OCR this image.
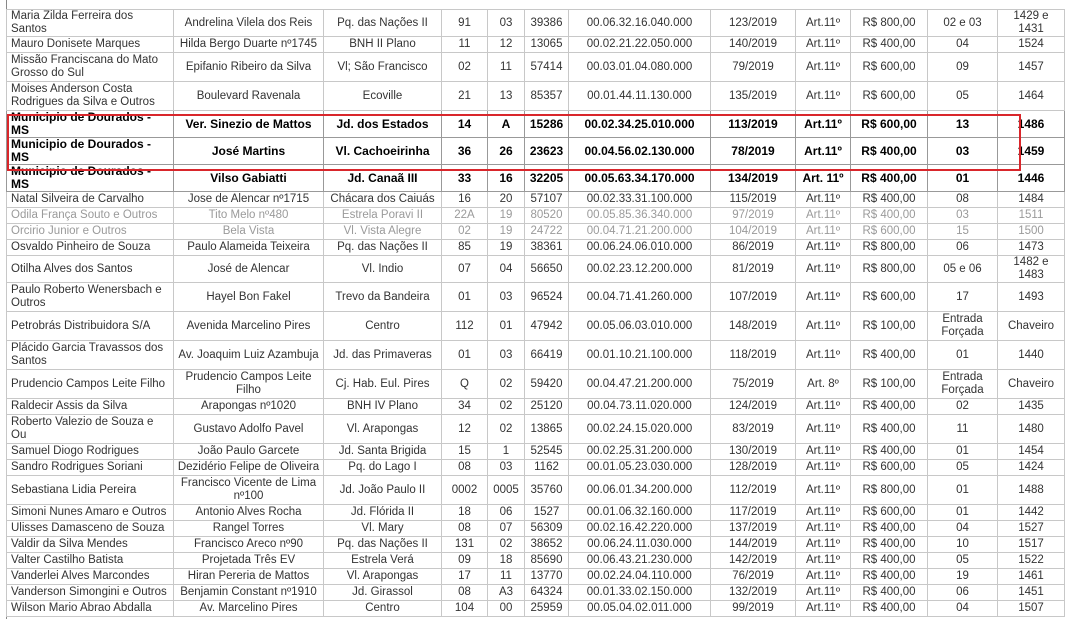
Maria Zilda Ferreira dos Santos	Andrelina Vilela dos Reis	Pq. das Nações II	91	03	39386	00.06.32.16.040.000	123/2019	Art.11º	R$ 800,00	02 e 03	1429 e 1431
Mauro Donisete Marques	Hilda Bergo Duarte nº1745	BNH II Plano	11	12	13065	00.02.21.22.050.000	140/2019	Art.11º	R$ 400,00	04	1524
Missão Franciscana do Mato Grosso do Sul	Epifanio Ribeiro da Silva	Vl; São Francisco	02	11	57414	00.03.01.04.080.000	79/2019	Art.11º	R$ 600,00	09	1457
Moises Anderson Costa Rodrigues da Silva e Outros	Boulevard Ravenala	Ecoville	21	13	85357	00.01.44.11.130.000	135/2019	Art.11º	R$ 600,00	05	1464
Municipio de Dourados - MS	Ver. Sinezio de Mattos	Jd. dos Estados	14	A	15286	00.02.34.25.010.000	113/2019	Art.11º	R$ 600,00	13	1486
Municipio de Dourados - MS	José Martins	Vl. Cachoeirinha	36	26	23623	00.04.56.02.130.000	78/2019	Art.11º	R$ 400,00	03	1459
Municipio de Dourados - MS	Vilso Gabiatti	Jd. Canaã III	33	16	32205	00.05.63.34.170.000	134/2019	Art. 11º	R$ 400,00	01	1446
Natal Silveira de Carvalho	Jose de Alencar nº1715	Chácara dos Caiuás	16	20	57107	00.02.33.31.100.000	115/2019	Art.11º	R$ 400,00	08	1484
Odila França Souto e Outros	Tito Melo nº480	Estrela Poravi II	22A	19	80520	00.05.85.36.340.000	97/2019	Art.11º	R$ 400,00	03	1511
Orcirio Junior e Outros	Bela Vista	Vl. Vista Alegre	02	19	24722	00.04.71.21.200.000	104/2019	Art.11º	R$ 600,00	15	1500
Osvaldo Pinheiro de Souza	Paulo Alameida Teixeira	Pq. das Nações II	85	19	38361	00.06.24.06.010.000	86/2019	Art.11º	R$ 800,00	06	1473
Otilha Alves dos Santos	José de Alencar	Vl. Indio	07	04	56650	00.02.23.12.200.000	81/2019	Art.11º	R$ 800,00	05 e 06	1482 e 1483
Paulo Roberto Wenersbach e Outros	Hayel Bon Fakel	Trevo da Bandeira	01	03	96524	00.04.71.41.260.000	107/2019	Art.11º	R$ 600,00	17	1493
Petrobrás Distribuidora S/A	Avenida Marcelino Pires	Centro	112	01	47942	00.05.06.03.010.000	148/2019	Art.11º	R$ 100,00	Entrada Forçada	Chaveiro
Plácido Garcia Travassos dos Santos	Av. Joaquim Luiz Azambuja	Jd. das Primaveras	01	03	66419	00.01.10.21.100.000	118/2019	Art.11º	R$ 400,00	01	1440
Prudencio Campos Leite Filho	Prudencio Campos Leite Filho	Cj. Hab. Eul. Pires	Q	02	59420	00.04.47.21.200.000	75/2019	Art. 8º	R$ 100,00	Entrada Forçada	Chaveiro
Raldecir Assis da Silva	Arapongas nº1020	BNH IV Plano	34	02	25120	00.04.73.11.020.000	124/2019	Art.11º	R$ 400,00	02	1435
Roberto Valezio de Souza e Ou	Gustavo Adolfo Pavel	Vl. Arapongas	12	02	13865	00.02.24.15.020.000	83/2019	Art.11º	R$ 400,00	11	1480
Samuel Diogo Rodrigues	João Paulo Garcete	Jd. Santa Brigida	15	1	52545	00.02.25.31.200.000	130/2019	Art.11º	R$ 400,00	01	1454
Sandro Rodrigues Soriani	Dezidério Felipe de Oliveira	Pq. do Lago I	08	03	1162	00.01.05.23.030.000	128/2019	Art.11º	R$ 600,00	05	1424
Sebastiana Lidia Pereira	Francisco Vicente de Lima nº100	Jd. João Paulo II	0002	0005	35760	00.06.01.34.200.000	112/2019	Art.11º	R$ 800,00	01	1488
Simoni Nunes Amaro e Outros	Antonio Alves Rocha	Jd. Flórida II	18	06	1527	00.01.06.32.160.000	117/2019	Art.11º	R$ 600,00	01	1442
Ulisses Damasceno de Souza	Rangel Torres	Vl. Mary	08	07	56309	00.02.16.42.220.000	137/2019	Art.11º	R$ 400,00	04	1527
Valdir da Silva Mendes	Francisco Areco nº90	Pq. das Nações II	131	02	38652	00.06.24.11.030.000	144/2019	Art.11º	R$ 400,00	10	1517
Valter Castilho Batista	Projetada Três EV	Estrela Verá	09	18	85690	00.06.43.21.230.000	142/2019	Art.11º	R$ 400,00	05	1522
Vanderlei Alves Marcondes	Hiran Pereria de Mattos	Vl. Arapongas	17	11	13770	00.02.24.04.110.000	76/2019	Art.11º	R$ 400,00	19	1461
Vanderson Simongini e Outros	Benjamin Constant nº1910	Jd. Girassol	08	A3	64324	00.01.33.02.150.000	132/2019	Art.11º	R$ 400,00	06	1451
Wilson Mario Abrao Abdalla	Av. Marcelino Pires	Centro	104	00	25959	00.05.04.02.011.000	99/2019	Art.11º	R$ 400,00	04	1507
